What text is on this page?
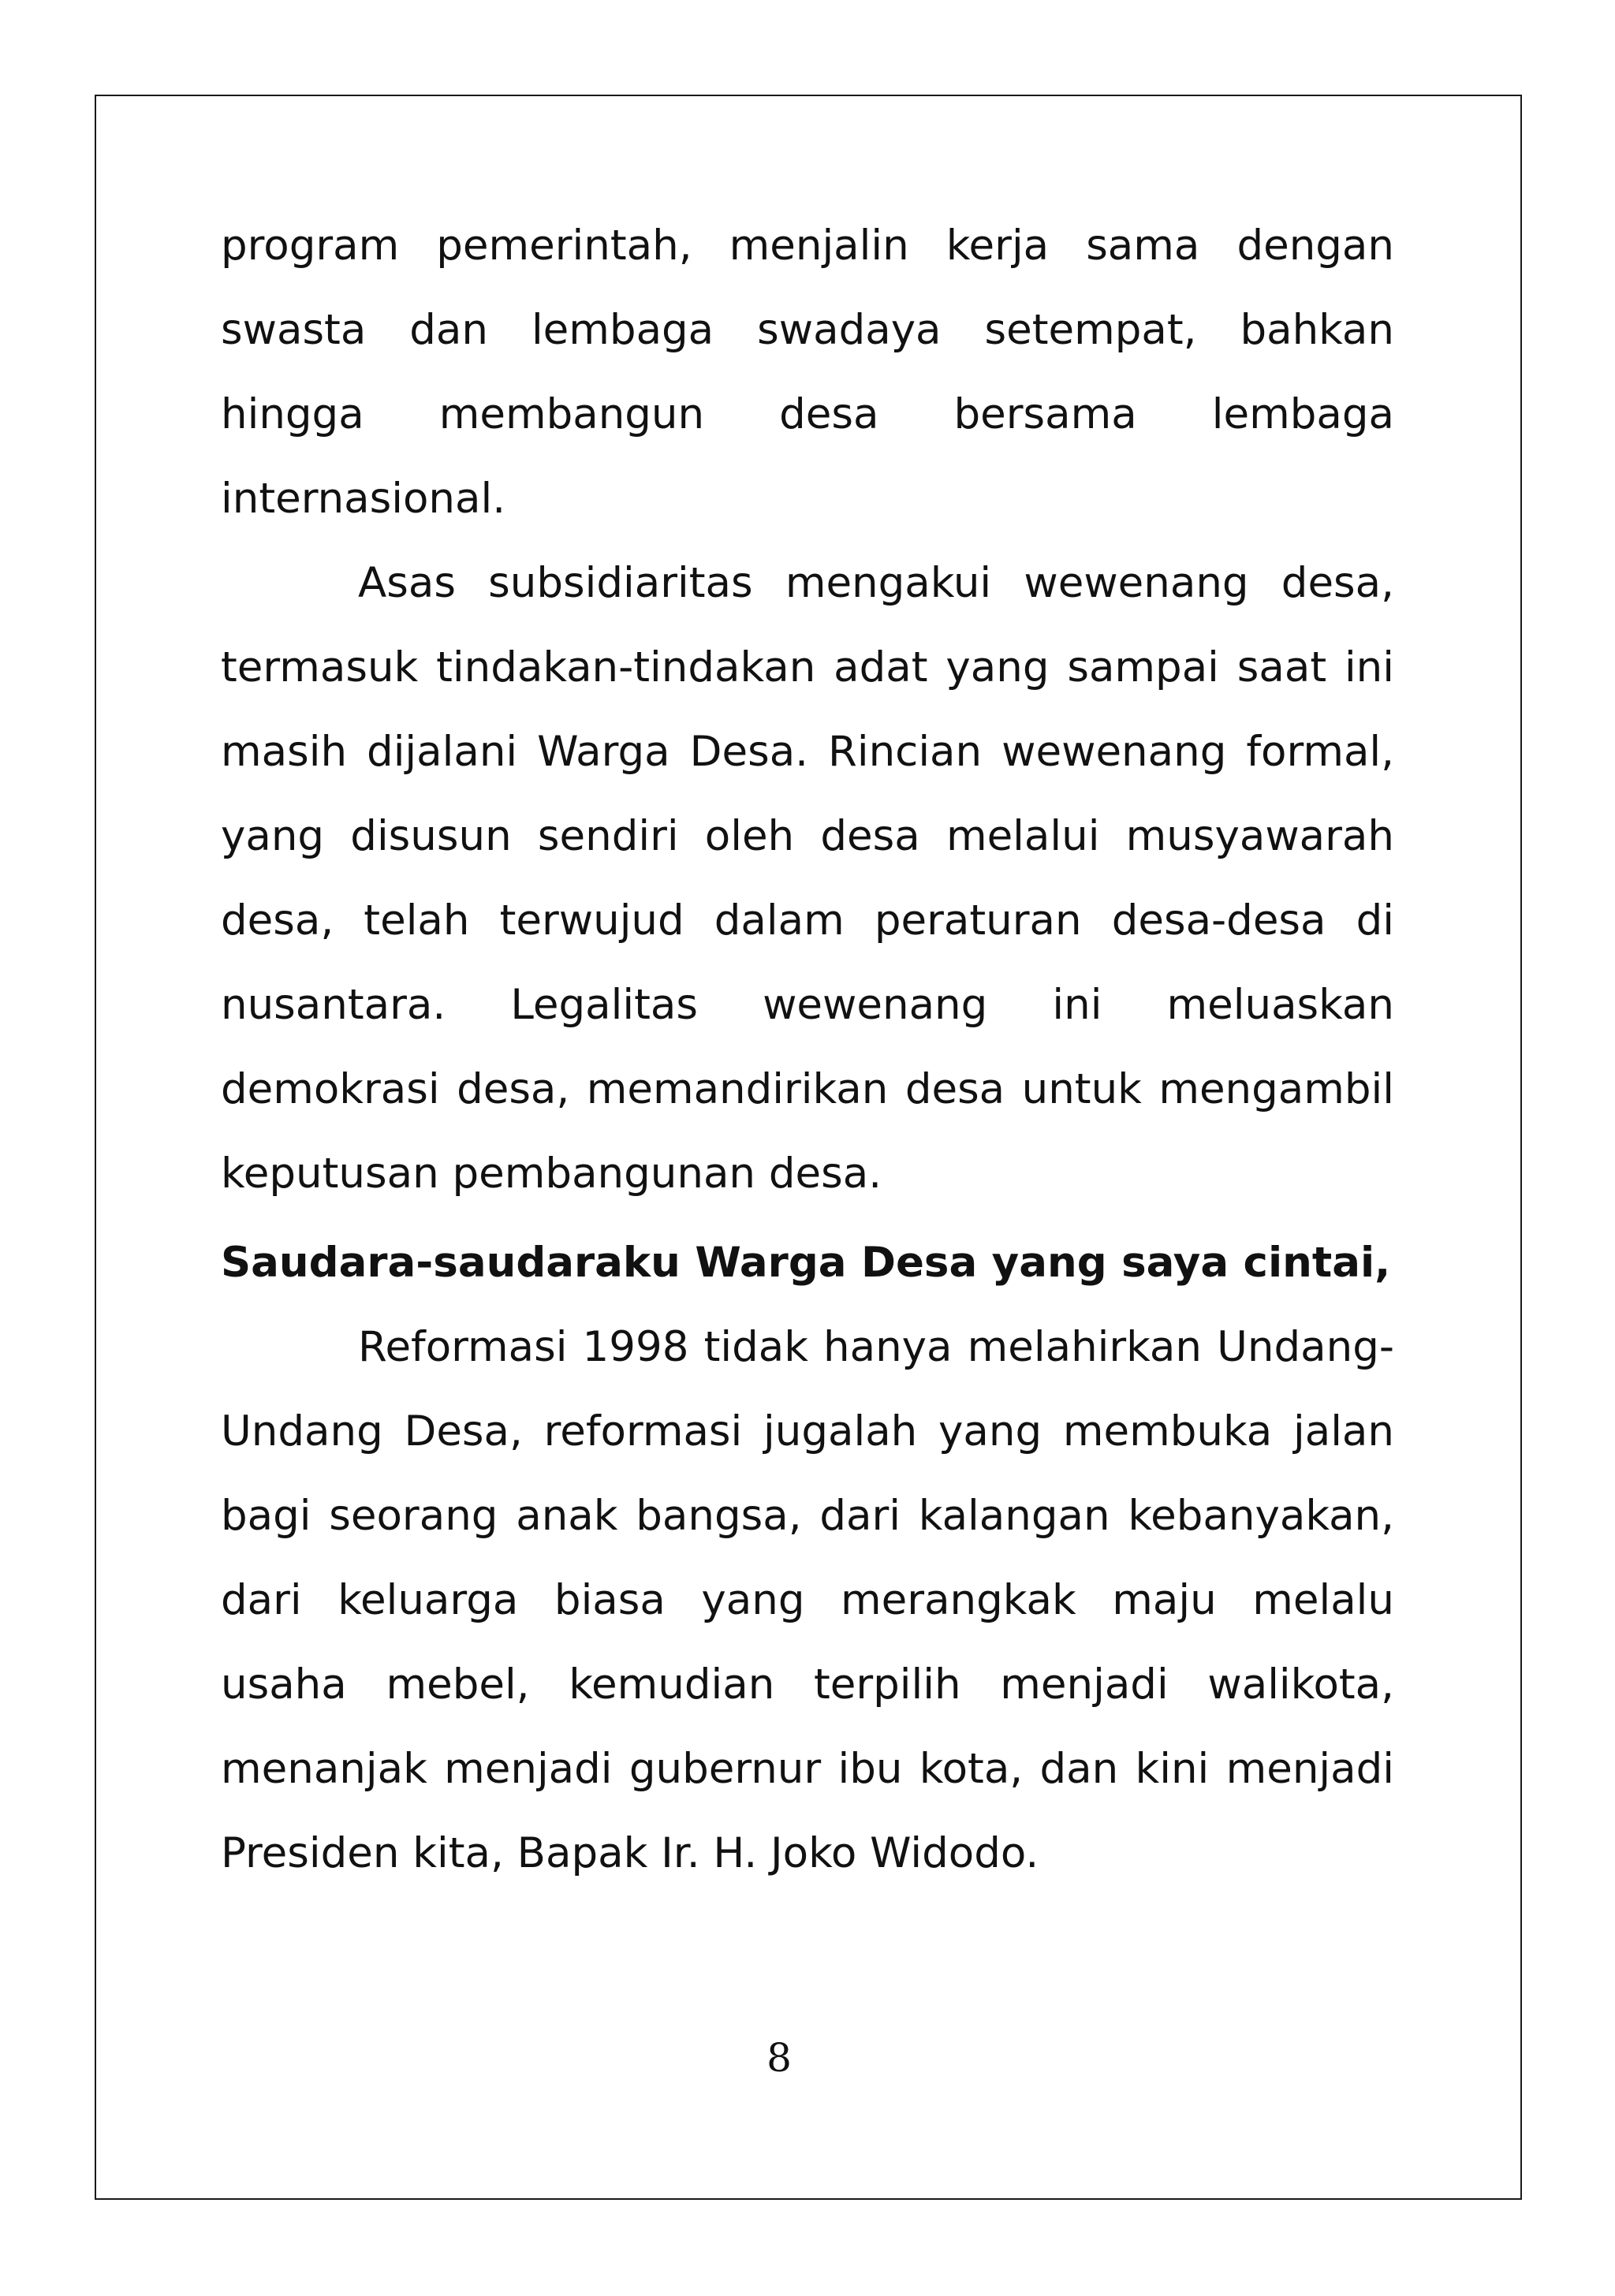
program pemerintah, menjalin kerja sama dengan swasta dan lembaga swadaya setempat, bahkan hingga membangun desa bersama lembaga internasional.

Asas subsidiaritas mengakui wewenang desa, termasuk tindakan-tindakan adat yang sampai saat ini masih dijalani Warga Desa. Rincian wewenang formal, yang disusun sendiri oleh desa melalui musyawarah desa, telah terwujud dalam peraturan desa-desa di nusantara. Legalitas wewenang ini meluaskan demokrasi desa, memandirikan desa untuk mengambil keputusan pembangunan desa.

Saudara-saudaraku Warga Desa yang saya cintai,

Reformasi 1998 tidak hanya melahirkan Undang-Undang Desa, reformasi jugalah yang membuka jalan bagi seorang anak bangsa, dari kalangan kebanyakan, dari keluarga biasa yang merangkak maju melalu usaha mebel, kemudian terpilih menjadi walikota, menanjak menjadi gubernur ibu kota, dan kini menjadi Presiden kita, Bapak Ir. H. Joko Widodo.

8
